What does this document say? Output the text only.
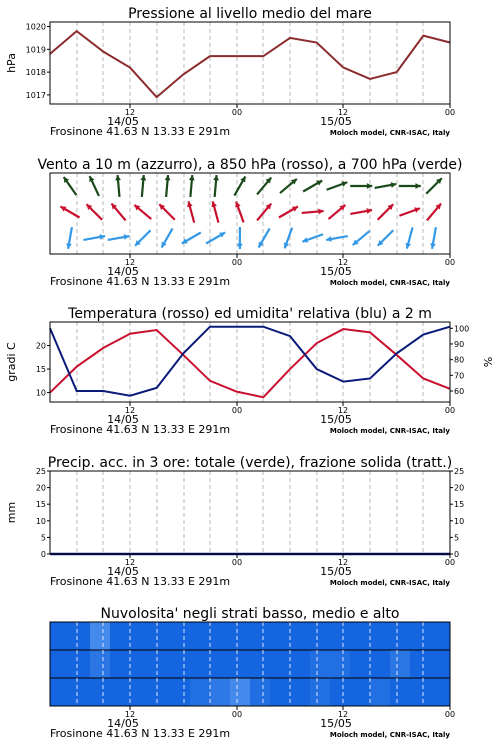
Pressione al livello medio del mare
1017
1018
1019
1020
hPa
12	00	12	00
14/05	15/05
Frosinone 41.63 N 13.33 E 291m	Moloch model, CNR-ISAC, Italy
Vento a 10 m (azzurro), a 850 hPa (rosso), a 700 hPa (verde)
12	00	12	00
14/05	15/05
Frosinone 41.63 N 13.33 E 291m	Moloch model, CNR-ISAC, Italy
Temperatura (rosso) ed umidita' relativa (blu) a 2 m
10
15
20
60
70
80
90
100
gradi C	%
12	00	12	00
14/05	15/05
Frosinone 41.63 N 13.33 E 291m	Moloch model, CNR-ISAC, Italy
Precip. acc. in 3 ore: totale (verde), frazione solida (tratt.)
0
5
10
15
20
25
0
5
10
15
20
25
mm
12	00	12	00
14/05	15/05
Frosinone 41.63 N 13.33 E 291m	Moloch model, CNR-ISAC, Italy
Nuvolosita' negli strati basso, medio e alto
12	00	12	00
14/05	15/05
Frosinone 41.63 N 13.33 E 291m	Moloch model, CNR-ISAC, Italy
